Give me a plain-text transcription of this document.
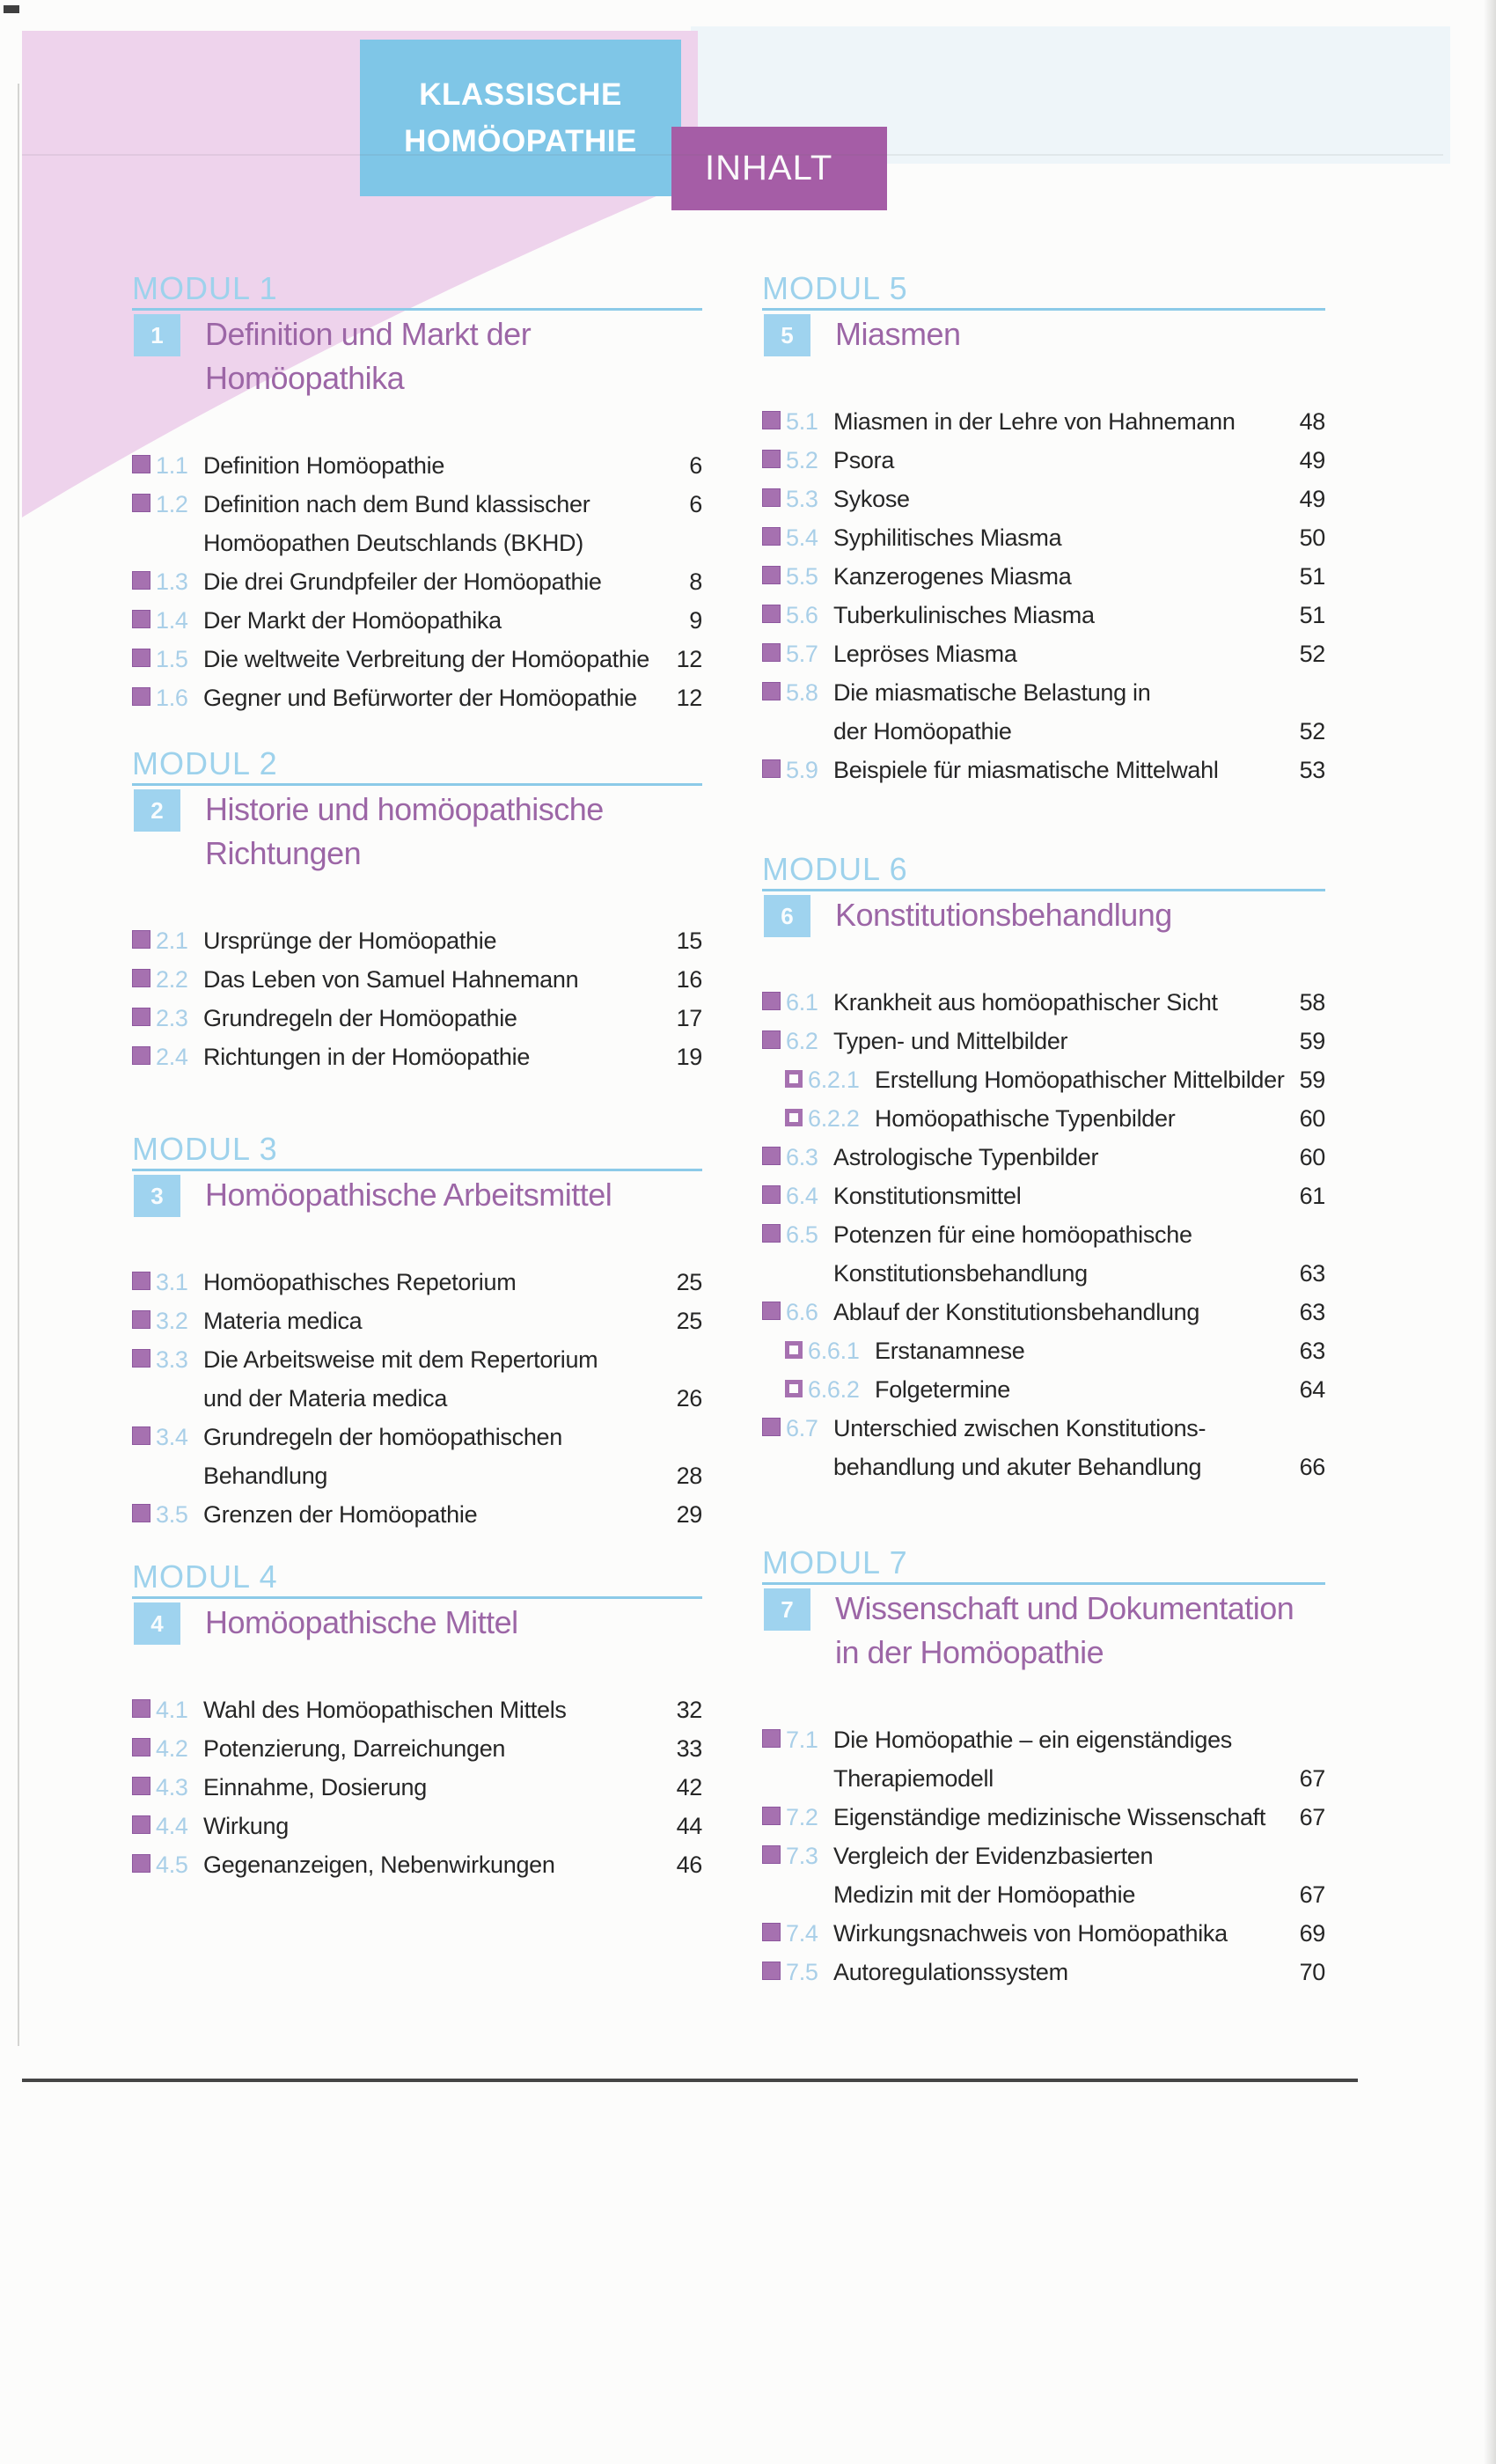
KLASSISCHE
HOMÖOPATHIE
INHALT
MODUL 1
1	Definition und Markt der
Homöopathika
1.1 Definition Homöopathie	6
1.2 Definition nach dem Bund klassischer	6
Homöopathen Deutschlands (BKHD)
1.3 Die drei Grundpfeiler der Homöopathie	8
1.4 Der Markt der Homöopathika	9
1.5 Die weltweite Verbreitung der Homöopathie	12
1.6 Gegner und Befürworter der Homöopathie	12
MODUL 2
2	Historie und homöopathische
Richtungen
2.1 Ursprünge der Homöopathie	15
2.2 Das Leben von Samuel Hahnemann	16
2.3 Grundregeln der Homöopathie	17
2.4 Richtungen in der Homöopathie	19
MODUL 3
3	Homöopathische Arbeitsmittel
3.1 Homöopathisches Repetorium	25
3.2 Materia medica	25
3.3 Die Arbeitsweise mit dem Repertorium
und der Materia medica	26
3.4 Grundregeln der homöopathischen
Behandlung	28
3.5 Grenzen der Homöopathie	29
MODUL 4
4	Homöopathische Mittel
4.1 Wahl des Homöopathischen Mittels	32
4.2 Potenzierung, Darreichungen	33
4.3 Einnahme, Dosierung	42
4.4 Wirkung	44
4.5 Gegenanzeigen, Nebenwirkungen	46
MODUL 5
5	Miasmen
5.1 Miasmen in der Lehre von Hahnemann	48
5.2 Psora	49
5.3 Sykose	49
5.4 Syphilitisches Miasma	50
5.5 Kanzerogenes Miasma	51
5.6 Tuberkulinisches Miasma	51
5.7 Lepröses Miasma	52
5.8 Die miasmatische Belastung in
der Homöopathie	52
5.9 Beispiele für miasmatische Mittelwahl	53
MODUL 6
6	Konstitutionsbehandlung
6.1 Krankheit aus homöopathischer Sicht	58
6.2 Typen- und Mittelbilder	59
6.2.1 Erstellung Homöopathischer Mittelbilder 59
6.2.2 Homöopathische Typenbilder	60
6.3 Astrologische Typenbilder	60
6.4 Konstitutionsmittel	61
6.5 Potenzen für eine homöopathische
Konstitutionsbehandlung	63
6.6 Ablauf der Konstitutionsbehandlung	63
6.6.1 Erstanamnese	63
6.6.2 Folgetermine	64
6.7 Unterschied zwischen Konstitutions-
behandlung und akuter Behandlung	66
MODUL 7
7	Wissenschaft und Dokumentation
in der Homöopathie
7.1 Die Homöopathie – ein eigenständiges
Therapiemodell	67
7.2 Eigenständige medizinische Wissenschaft	67
7.3 Vergleich der Evidenzbasierten
Medizin mit der Homöopathie	67
7.4 Wirkungsnachweis von Homöopathika	69
7.5 Autoregulationssystem	70
